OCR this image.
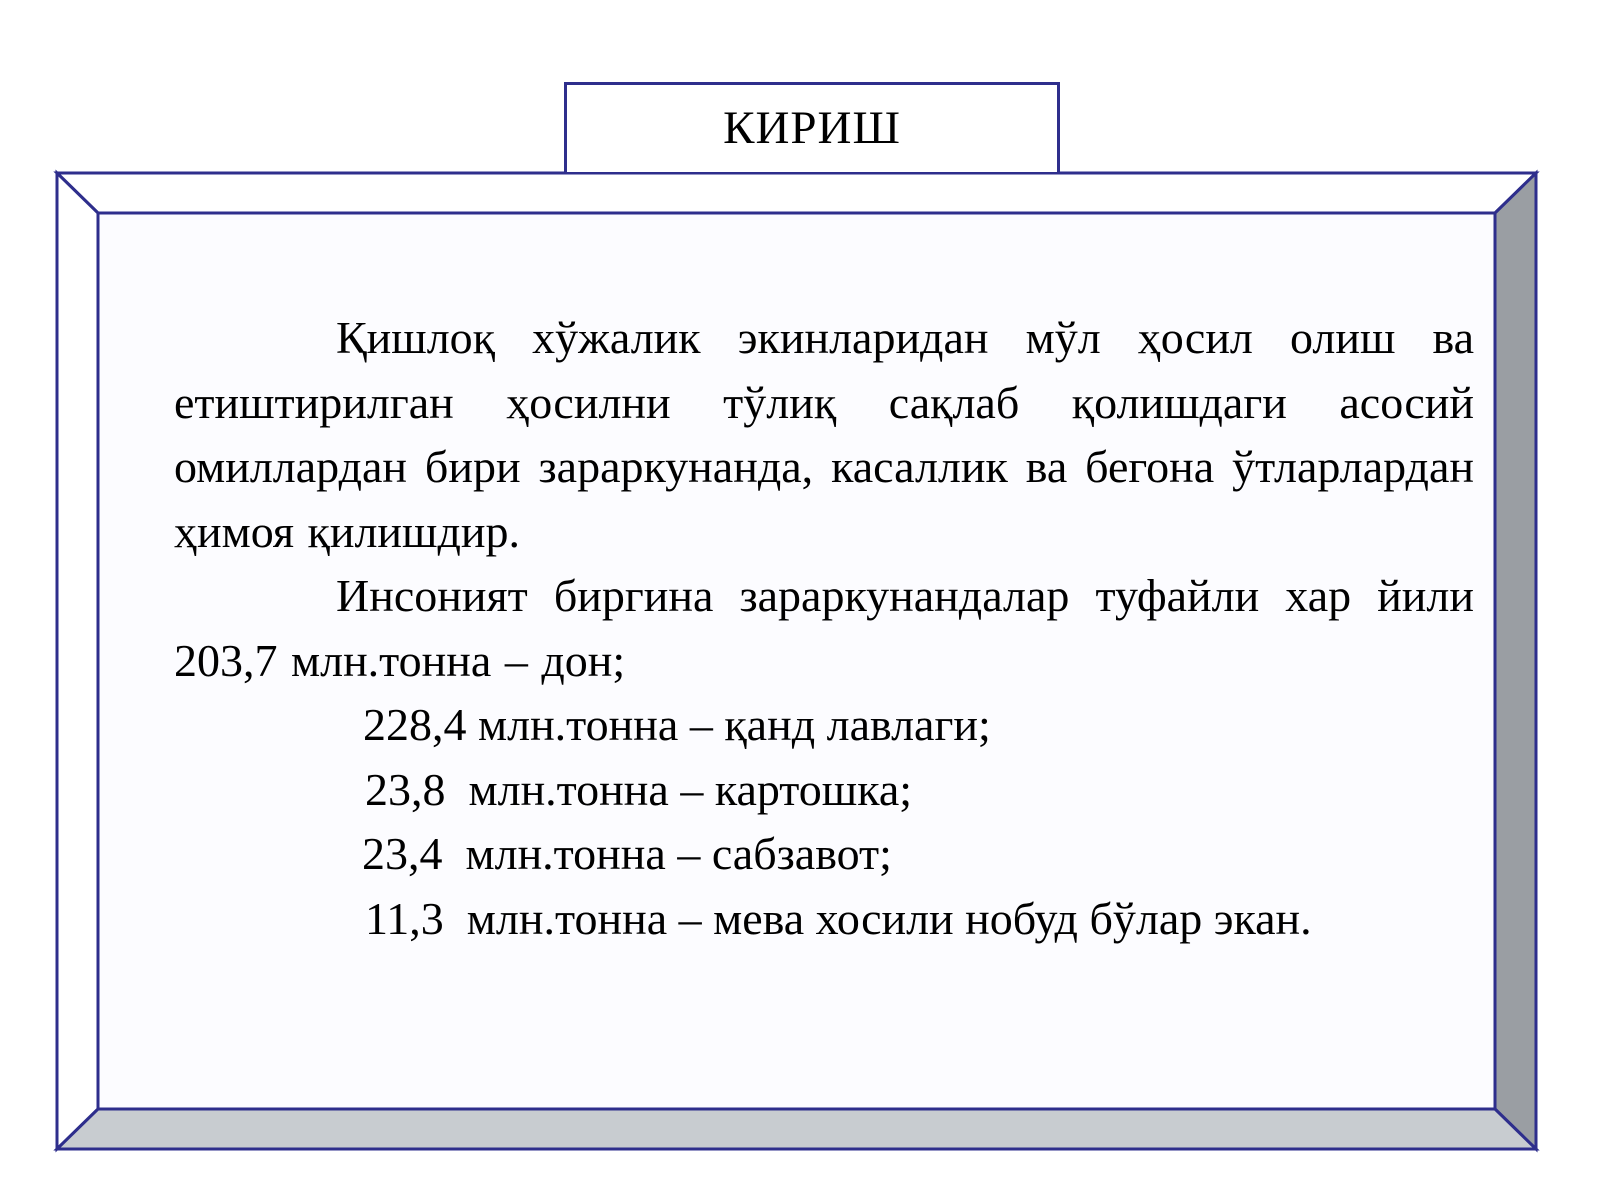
КИРИШ

Қишлоқ хўжалик экинларидан мўл ҳосил олиш ва етиштирилган ҳосилни тўлиқ сақлаб қолишдаги асосий омиллардан бири зараркунанда, касаллик ва бегона ўтларлардан ҳимоя қилишдир.

Инсоният биргина зараркунандалар туфайли хар йили 203,7 млн.тонна – дон;

228,4 млн.тонна – қанд лавлаги;
23,8  млн.тонна – картошка;
23,4  млн.тонна – сабзавот;
11,3  млн.тонна – мева хосили нобуд бўлар экан.
